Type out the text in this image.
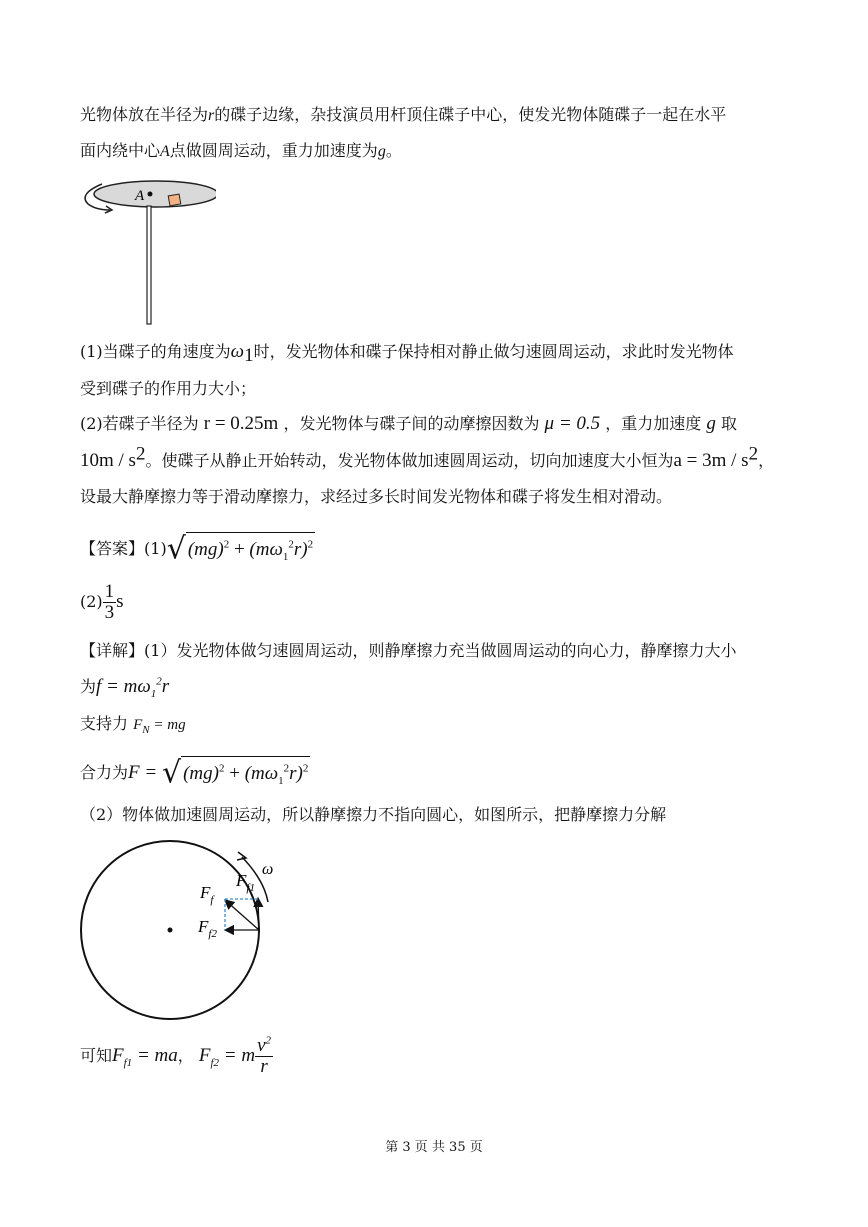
光物体放在半径为r的碟子边缘，杂技演员用杆顶住碟子中心，使发光物体随碟子一起在水平
面内绕中心A点做圆周运动，重力加速度为g。
A
(1)当碟子的角速度为$\omega_1$时，发光物体和碟子保持相对静止做匀速圆周运动，求此时发光物体
受到碟子的作用力大小；
(2)若碟子半径为 r = 0.25m ，发光物体与碟子间的动摩擦因数为 μ = 0.5 ，重力加速度 g 取
$10m / s^2$。使碟子从静止开始转动，发光物体做加速圆周运动，切向加速度大小恒为$a = 3m / s^2$，
设最大静摩擦力等于滑动摩擦力，求经过多长时间发光物体和碟子将发生相对滑动。
【答案】(1)√ $(mg)^2 + (m\omega_1^2r)^2$
$(2) \frac{1}{3}$ s
【详解】(1）发光物体做匀速圆周运动，则静摩擦力充当做圆周运动的向心力，静摩擦力大小
为$f = m\omega_1^2r$
支持力 $F_N$ = mg
合力为F = √ $(mg)^2 + (m\omega_1^2r)^2$
（2）物体做加速圆周运动，所以静摩擦力不指向圆心，如图所示，把静摩擦力分解
ω
$F_{f1}$
$F_f$
$F_{f2}$
可知$F_{f1}$ = ma， $F_{f2} = m \frac{v^2}{r}$
第 3 页 共 35 页
